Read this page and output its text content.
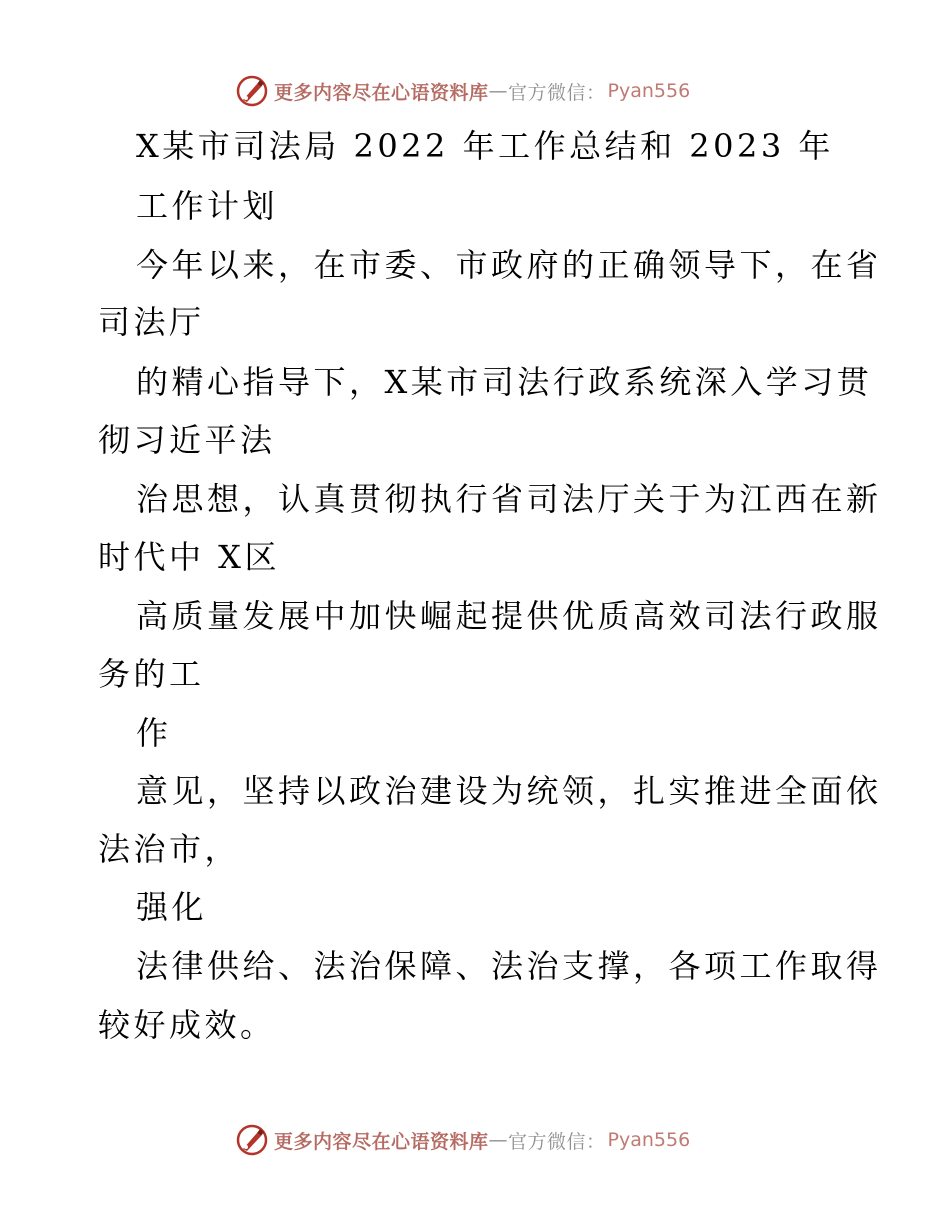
更多内容尽在心语资料库 — 官方微信： Pyan556
X某市司法局 2022 年工作总结和 2023 年
工作计划
今年以来，在市委、市政府的正确领导下，在省
司法厅
的精心指导下，X某市司法行政系统深入学习贯
彻习近平法
治思想，认真贯彻执行省司法厅关于为江西在新
时代中 X区
高质量发展中加快崛起提供优质高效司法行政服
务的工
作
意见，坚持以政治建设为统领，扎实推进全面依
法治市，
强化
法律供给、法治保障、法治支撑，各项工作取得
较好成效。
更多内容尽在心语资料库 — 官方微信： Pyan556
